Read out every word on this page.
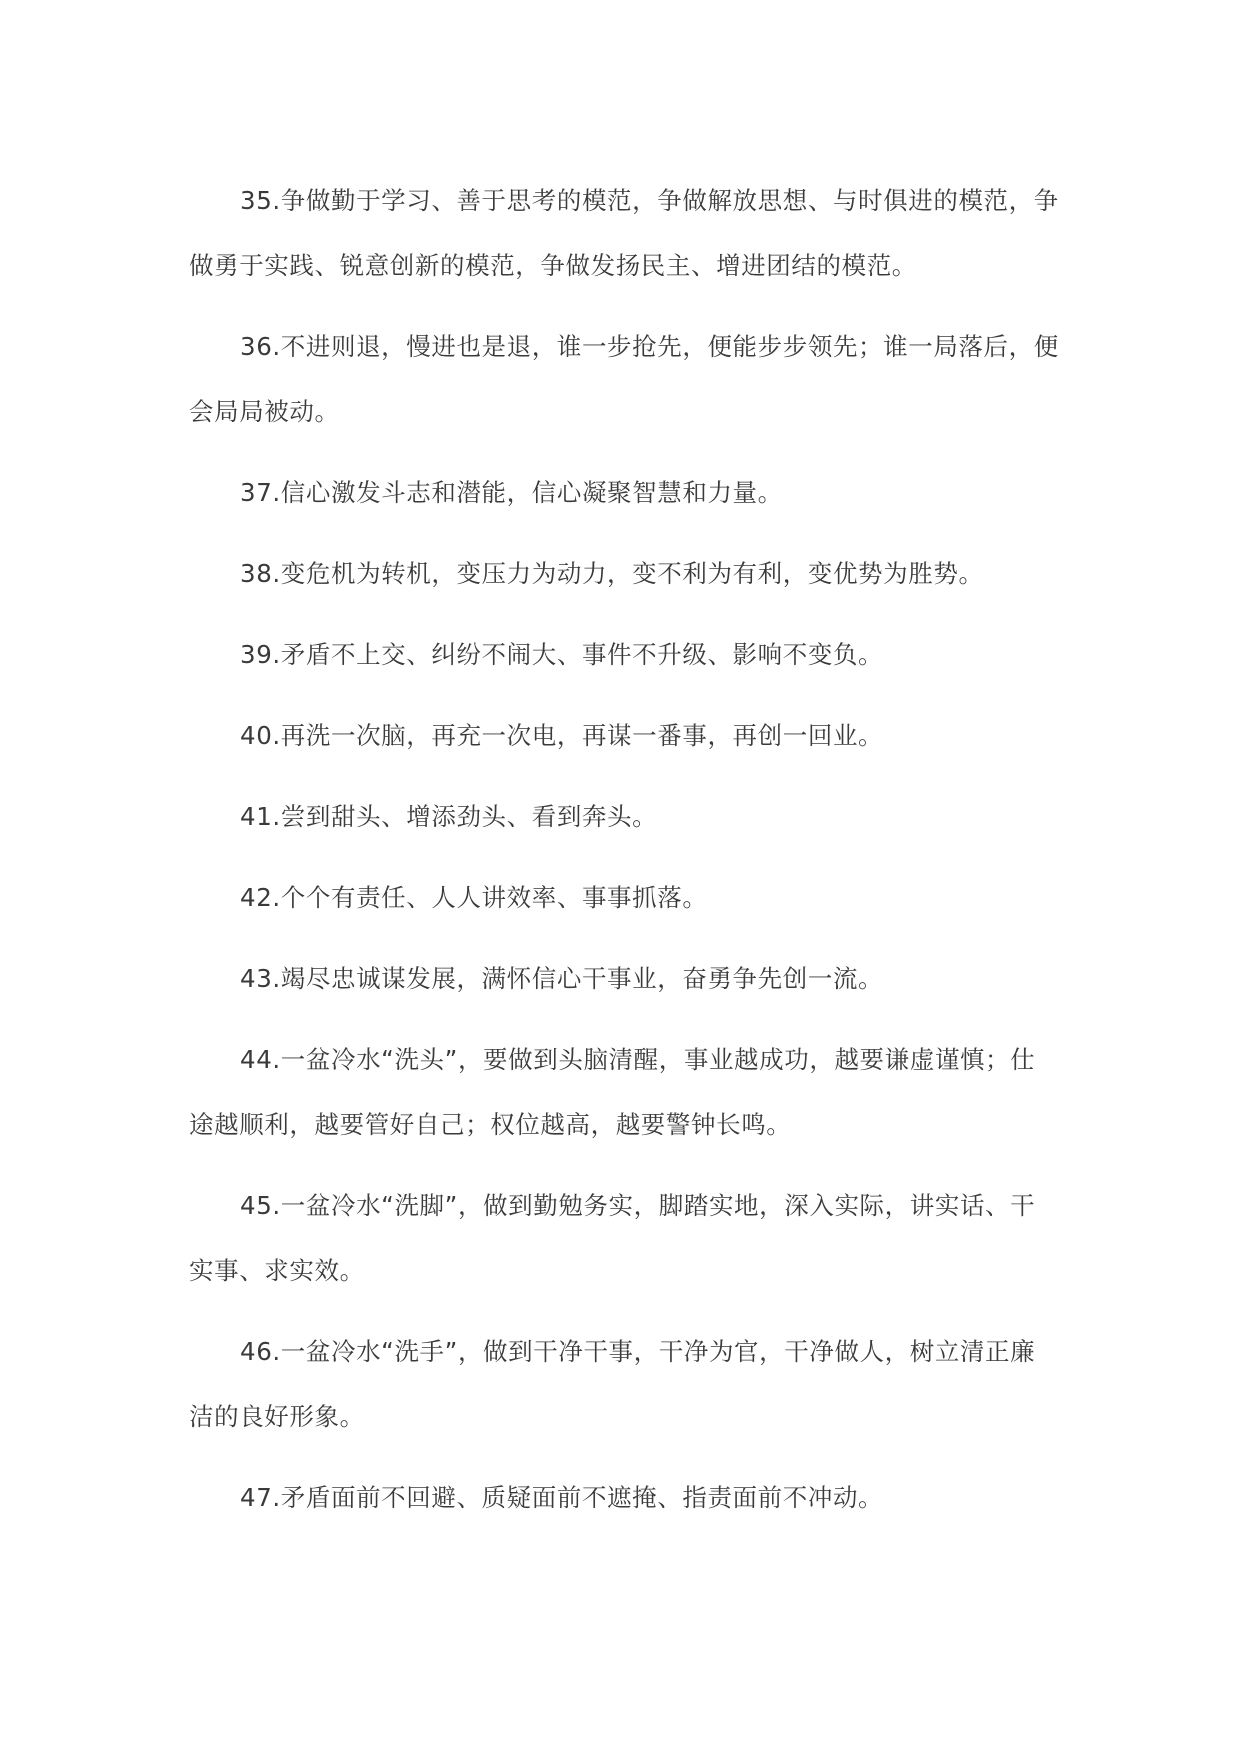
35.争做勤于学习、善于思考的模范，争做解放思想、与时俱进的模范，争做勇于实践、锐意创新的模范，争做发扬民主、增进团结的模范。

36.不进则退，慢进也是退，谁一步抢先，便能步步领先；谁一局落后，便会局局被动。

37.信心激发斗志和潜能，信心凝聚智慧和力量。

38.变危机为转机，变压力为动力，变不利为有利，变优势为胜势。

39.矛盾不上交、纠纷不闹大、事件不升级、影响不变负。

40.再洗一次脑，再充一次电，再谋一番事，再创一回业。

41.尝到甜头、增添劲头、看到奔头。

42.个个有责任、人人讲效率、事事抓落。

43.竭尽忠诚谋发展，满怀信心干事业，奋勇争先创一流。

44.一盆冷水“洗头”，要做到头脑清醒，事业越成功，越要谦虚谨慎；仕途越顺利，越要管好自己；权位越高，越要警钟长鸣。

45.一盆冷水“洗脚”，做到勤勉务实，脚踏实地，深入实际，讲实话、干实事、求实效。

46.一盆冷水“洗手”，做到干净干事，干净为官，干净做人，树立清正廉洁的良好形象。

47.矛盾面前不回避、质疑面前不遮掩、指责面前不冲动。
